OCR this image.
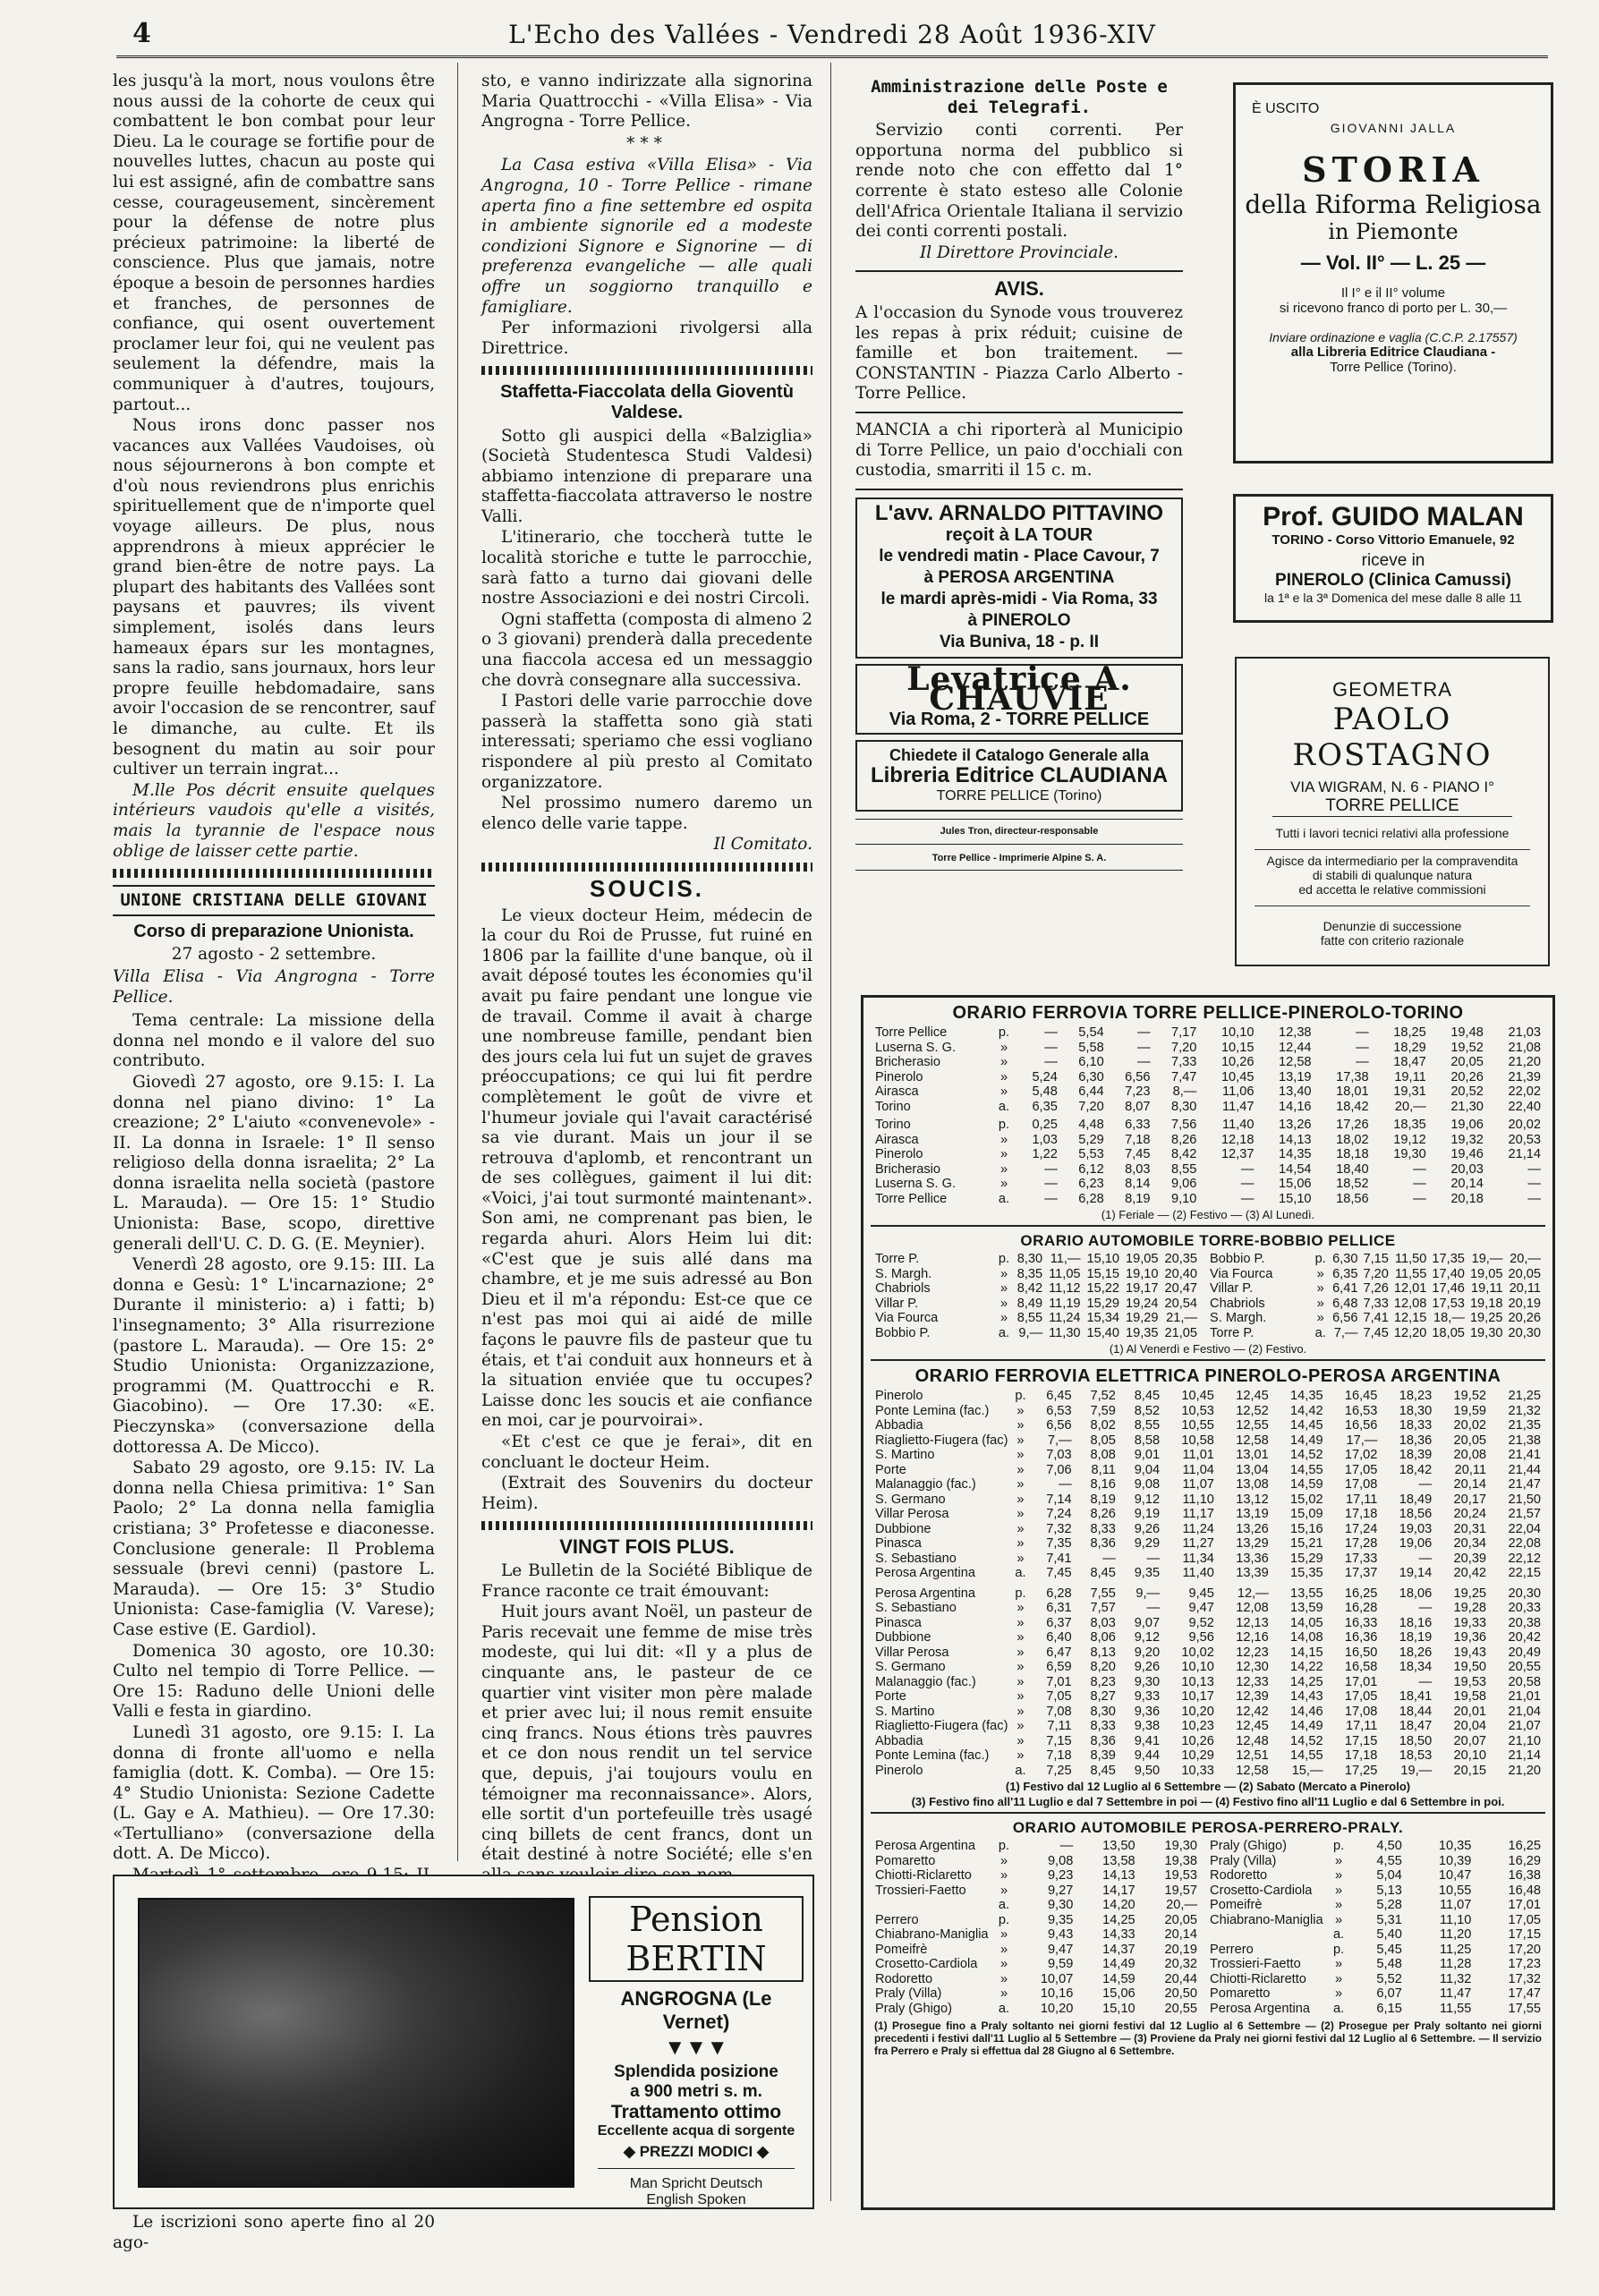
4	L'Echo des Vallées - Vendredi 28 Août 1936-XIV

les jusqu'à la mort, nous voulons être nous aussi de la cohorte de ceux qui combattent le bon combat pour leur Dieu. La le courage se fortifie pour de nouvelles luttes, chacun au poste qui lui est assigné, afin de combattre sans cesse, courageusement, sincèrement pour la défense de notre plus précieux patrimoine: la liberté de conscience. Plus que jamais, notre époque a besoin de personnes hardies et franches, de personnes de confiance, qui osent ouvertement proclamer leur foi, qui ne veulent pas seulement la défendre, mais la communiquer à d'autres, toujours, partout...

Nous irons donc passer nos vacances aux Vallées Vaudoises, où nous séjournerons à bon compte et d'où nous reviendrons plus enrichis spirituellement que de n'importe quel voyage ailleurs. De plus, nous apprendrons à mieux apprécier le grand bien-être de notre pays. La plupart des habitants des Vallées sont paysans et pauvres; ils vivent simplement, isolés dans leurs hameaux épars sur les montagnes, sans la radio, sans journaux, hors leur propre feuille hebdomadaire, sans avoir l'occasion de se rencontrer, sauf le dimanche, au culte. Et ils besognent du matin au soir pour cultiver un terrain ingrat...

M.lle Pos décrit ensuite quelques intérieurs vaudois qu'elle a visités, mais la tyrannie de l'espace nous oblige de laisser cette partie.

UNIONE CRISTIANA DELLE GIOVANI
Corso di preparazione Unionista.
27 agosto - 2 settembre.
Villa Elisa - Via Angrogna - Torre Pellice.

Tema centrale: La missione della donna nel mondo e il valore del suo contributo.

Giovedì 27 agosto, ore 9.15: I. La donna nel piano divino: 1° La creazione; 2° L'aiuto «convenevole» - II. La donna in Israele: 1° Il senso religioso della donna israelita; 2° La donna israelita nella società (pastore L. Marauda). — Ore 15: 1° Studio Unionista: Base, scopo, direttive generali dell'U. C. D. G. (E. Meynier).

Venerdì 28 agosto, ore 9.15: III. La donna e Gesù: 1° L'incarnazione; 2° Durante il ministerio: a) i fatti; b) l'insegnamento; 3° Alla risurrezione (pastore L. Marauda). — Ore 15: 2° Studio Unionista: Organizzazione, programmi (M. Quattrocchi e R. Giacobino). — Ore 17.30: «E. Pieczynska» (conversazione della dottoressa A. De Micco).

Sabato 29 agosto, ore 9.15: IV. La donna nella Chiesa primitiva: 1° San Paolo; 2° La donna nella famiglia cristiana; 3° Profetesse e diaconesse. Conclusione generale: Il Problema sessuale (brevi cenni) (pastore L. Marauda). — Ore 15: 3° Studio Unionista: Case-famiglia (V. Varese); Case estive (E. Gardiol).

Domenica 30 agosto, ore 10.30: Culto nel tempio di Torre Pellice. — Ore 15: Raduno delle Unioni delle Valli e festa in giardino.

Lunedì 31 agosto, ore 9.15: I. La donna di fronte all'uomo e nella famiglia (dott. K. Comba). — Ore 15: 4° Studio Unionista: Sezione Cadette (L. Gay e A. Mathieu). — Ore 17.30: «Tertulliano» (conversazione della dott. A. De Micco).

Le iscrizioni sono aperte fino al 20 ago-

sto, e vanno indirizzate alla signorina Maria Quattrocchi - «Villa Elisa» - Via Angrogna - Torre Pellice.

***

La Casa estiva «Villa Elisa» - Via Angrogna, 10 - Torre Pellice - rimane aperta fino a fine settembre ed ospita in ambiente signorile ed a modeste condizioni Signore e Signorine — di preferenza evangeliche — alle quali offre un soggiorno tranquillo e famigliare.

Per informazioni rivolgersi alla Direttrice.

Staffetta-Fiaccolata della Gioventù Valdese.

Sotto gli auspici della «Balziglia» (Società Studentesca Studi Valdesi) abbiamo intenzione di preparare una staffetta-fiaccolata attraverso le nostre Valli.

L'itinerario, che toccherà tutte le località storiche e tutte le parrocchie, sarà fatto a turno dai giovani delle nostre Associazioni e dei nostri Circoli.

Ogni staffetta (composta di almeno 2 o 3 giovani) prenderà dalla precedente una fiaccola accesa ed un messaggio che dovrà consegnare alla successiva.

I Pastori delle varie parrocchie dove passerà la staffetta sono già stati interessati; speriamo che essi vogliano rispondere al più presto al Comitato organizzatore.

Nel prossimo numero daremo un elenco delle varie tappe.

Il Comitato.
SOUCIS.

Le vieux docteur Heim, médecin de la cour du Roi de Prusse, fut ruiné en 1806 par la faillite d'une banque, où il avait déposé toutes les économies qu'il avait pu faire pendant une longue vie de travail. Comme il avait à charge une nombreuse famille, pendant bien des jours cela lui fut un sujet de graves préoccupations; ce qui lui fit perdre complètement le goût de vivre et l'humeur joviale qui l'avait caractérisé sa vie durant. Mais un jour il se retrouva d'aplomb, et rencontrant un de ses collègues, gaiment il lui dit: «Voici, j'ai tout surmonté maintenant». Son ami, ne comprenant pas bien, le regarda ahuri. Alors Heim lui dit: «C'est que je suis allé dans ma chambre, et je me suis adressé au Bon Dieu et il m'a répondu: Est-ce que ce n'est pas moi qui ai aidé de mille façons le pauvre fils de pasteur que tu étais, et t'ai conduit aux honneurs et à la situation enviée que tu occupes? Laisse donc les soucis et aie confiance en moi, car je pourvoirai».

«Et c'est ce que je ferai», dit en concluant le docteur Heim.

(Extrait des Souvenirs du docteur Heim).

VINGT FOIS PLUS.

Le Bulletin de la Société Biblique de France raconte ce trait émouvant:

Huit jours avant Noël, un pasteur de Paris recevait une femme de mise très modeste, qui lui dit: «Il y a plus de cinquante ans, le pasteur de ce quartier vint visiter mon père malade et prier avec lui; il nous remit ensuite cinq francs. Nous étions très pauvres et ce don nous rendit un tel service que, depuis, j'ai toujours voulu en témoigner ma reconnaissance». Alors, elle sortit d'un portefeuille très usagé cinq billets de cent francs, dont un était destiné à notre Société; elle s'en

Amministrazione delle Poste e dei Telegrafi.

Servizio conti correnti. Per opportuna norma del pubblico si rende noto che con effetto dal 1° corrente è stato esteso alle Colonie dell'Africa Orientale Italiana il servizio dei conti correnti postali.

Il Direttore Provinciale.
AVIS.

A l'occasion du Synode vous trouverez les repas à prix réduit; cuisine de famille et bon traitement. — CONSTANTIN - Piazza Carlo Alberto - Torre Pellice.

MANCIA a chi riporterà al Municipio di Torre Pellice, un paio d'occhiali con custodia, smarriti il 15 c. m.

L'avv. ARNALDO PITTAVINO
reçoit à LA TOUR
le vendredi matin - Place Cavour, 7
à PEROSA ARGENTINA
le mardi après-midi - Via Roma, 33
à PINEROLO
Via Buniva, 18 - p. II
Levatrice A. CHAUVIE
Via Roma, 2 - TORRE PELLICE
Chiedete il Catalogo Generale alla
Libreria Editrice CLAUDIANA
TORRE PELLICE (Torino)
Jules Tron, directeur-responsable
Torre Pellice - Imprimerie Alpine S. A.
È USCITO
GIOVANNI JALLA
STORIA
della Riforma Religiosa
in Piemonte
— Vol. II° — L. 25 —
Il I° e il II° volume
si ricevono franco di porto per L. 30,—
Inviare ordinazione e vaglia (C.C.P. 2.17557)
alla Libreria Editrice Claudiana -
Torre Pellice (Torino).
Prof. GUIDO MALAN
TORINO - Corso Vittorio Emanuele, 92
riceve in
PINEROLO (Clinica Camussi)
la 1ª e la 3ª Domenica del mese dalle 8 alle 11
GEOMETRA
PAOLO ROSTAGNO
VIA WIGRAM, N. 6 - PIANO I°
TORRE PELLICE
Tutti i lavori tecnici relativi alla professione
Agisce da intermediario per la compravendita
di stabili di qualunque natura
ed accetta le relative commissioni
Denunzie di successione
fatte con criterio razionale
ORARIO FERROVIA TORRE PELLICE-PINEROLO-TORINO
Torre Pellice	p.	—	5,54	—	7,17	10,10	12,38	—	18,25	19,48	21,03
Luserna S. G.	»	—	5,58	—	7,20	10,15	12,44	—	18,29	19,52	21,08
Bricherasio	»	—	6,10	—	7,33	10,26	12,58	—	18,47	20,05	21,20
Pinerolo	»	5,24	6,30	6,56	7,47	10,45	13,19	17,38	19,11	20,26	21,39
Airasca	»	5,48	6,44	7,23	8,—	11,06	13,40	18,01	19,31	20,52	22,02
Torino	a.	6,35	7,20	8,07	8,30	11,47	14,16	18,42	20,—	21,30	22,40
Torino	p.	0,25	4,48	6,33	7,56	11,40	13,26	17,26	18,35	19,06	20,02
Airasca	»	1,03	5,29	7,18	8,26	12,18	14,13	18,02	19,12	19,32	20,53
Pinerolo	»	1,22	5,53	7,45	8,42	12,37	14,35	18,18	19,30	19,46	21,14
Bricherasio	»	—	6,12	8,03	8,55	—	14,54	18,40	—	20,03	—
Luserna S. G.	»	—	6,23	8,14	9,06	—	15,06	18,52	—	20,14	—
Torre Pellice	a.	—	6,28	8,19	9,10	—	15,10	18,56	—	20,18	—
(1) Feriale — (2) Festivo — (3) Al Lunedì.
ORARIO AUTOMOBILE TORRE-BOBBIO PELLICE
Torre P.	p.	8,30	11,—	15,10	19,05	20,35
S. Margh.	»	8,35	11,05	15,15	19,10	20,40
Chabriols	»	8,42	11,12	15,22	19,17	20,47
Villar P.	»	8,49	11,19	15,29	19,24	20,54
Via Fourca	»	8,55	11,24	15,34	19,29	21,—
Bobbio P.	a.	9,—	11,30	15,40	19,35	21,05
Bobbio P.	p.	6,30	7,15	11,50	17,35	19,—	20,—
Via Fourca	»	6,35	7,20	11,55	17,40	19,05	20,05
Villar P.	»	6,41	7,26	12,01	17,46	19,11	20,11
Chabriols	»	6,48	7,33	12,08	17,53	19,18	20,19
S. Margh.	»	6,56	7,41	12,15	18,—	19,25	20,26
Torre P.	a.	7,—	7,45	12,20	18,05	19,30	20,30
(1) Al Venerdì e Festivo — (2) Festivo.
ORARIO FERROVIA ELETTRICA PINEROLO-PEROSA ARGENTINA
Pinerolo	p.	6,45	7,52	8,45	10,45	12,45	14,35	16,45	18,23	19,52	21,25
Ponte Lemina (fac.)	»	6,53	7,59	8,52	10,53	12,52	14,42	16,53	18,30	19,59	21,32
Abbadia	»	6,56	8,02	8,55	10,55	12,55	14,45	16,56	18,33	20,02	21,35
Riaglietto-Fiugera (fac)	»	7,—	8,05	8,58	10,58	12,58	14,49	17,—	18,36	20,05	21,38
S. Martino	»	7,03	8,08	9,01	11,01	13,01	14,52	17,02	18,39	20,08	21,41
Porte	»	7,06	8,11	9,04	11,04	13,04	14,55	17,05	18,42	20,11	21,44
Malanaggio (fac.)	»	—	8,16	9,08	11,07	13,08	14,59	17,08	—	20,14	21,47
S. Germano	»	7,14	8,19	9,12	11,10	13,12	15,02	17,11	18,49	20,17	21,50
Villar Perosa	»	7,24	8,26	9,19	11,17	13,19	15,09	17,18	18,56	20,24	21,57
Dubbione	»	7,32	8,33	9,26	11,24	13,26	15,16	17,24	19,03	20,31	22,04
Pinasca	»	7,35	8,36	9,29	11,27	13,29	15,21	17,28	19,06	20,34	22,08
S. Sebastiano	»	7,41	—	—	11,34	13,36	15,29	17,33	—	20,39	22,12
Perosa Argentina	a.	7,45	8,45	9,35	11,40	13,39	15,35	17,37	19,14	20,42	22,15
Perosa Argentina	p.	6,28	7,55	9,—	9,45	12,—	13,55	16,25	18,06	19,25	20,30
S. Sebastiano	»	6,31	7,57	—	9,47	12,08	13,59	16,28	—	19,28	20,33
Pinasca	»	6,37	8,03	9,07	9,52	12,13	14,05	16,33	18,16	19,33	20,38
Dubbione	»	6,40	8,06	9,12	9,56	12,16	14,08	16,36	18,19	19,36	20,42
Villar Perosa	»	6,47	8,13	9,20	10,02	12,23	14,15	16,50	18,26	19,43	20,49
S. Germano	»	6,59	8,20	9,26	10,10	12,30	14,22	16,58	18,34	19,50	20,55
Malanaggio (fac.)	»	7,01	8,23	9,30	10,13	12,33	14,25	17,01	—	19,53	20,58
Porte	»	7,05	8,27	9,33	10,17	12,39	14,43	17,05	18,41	19,58	21,01
S. Martino	»	7,08	8,30	9,36	10,20	12,42	14,46	17,08	18,44	20,01	21,04
Riaglietto-Fiugera (fac)	»	7,11	8,33	9,38	10,23	12,45	14,49	17,11	18,47	20,04	21,07
Abbadia	»	7,15	8,36	9,41	10,26	12,48	14,52	17,15	18,50	20,07	21,10
Ponte Lemina (fac.)	»	7,18	8,39	9,44	10,29	12,51	14,55	17,18	18,53	20,10	21,14
Pinerolo	a.	7,25	8,45	9,50	10,33	12,58	15,—	17,25	19,—	20,15	21,20
(1) Festivo dal 12 Luglio al 6 Settembre — (2) Sabato (Mercato a Pinerolo)
(3) Festivo fino all'11 Luglio e dal 7 Settembre in poi — (4) Festivo fino all'11 Luglio e dal 6 Settembre in poi.
ORARIO AUTOMOBILE PEROSA-PERRERO-PRALY.
Perosa Argentina	p.	—	13,50	19,30
Pomaretto	»	9,08	13,58	19,38
Chiotti-Riclaretto	»	9,23	14,13	19,53
Trossieri-Faetto	»	9,27	14,17	19,57
	a.	9,30	14,20	20,—
Perrero	p.	9,35	14,25	20,05
Chiabrano-Maniglia	»	9,43	14,33	20,14
Pomeifrè	»	9,47	14,37	20,19
Crosetto-Cardiola	»	9,59	14,49	20,32
Rodoretto	»	10,07	14,59	20,44
Praly (Villa)	»	10,16	15,06	20,50
Praly (Ghigo)	a.	10,20	15,10	20,55
Praly (Ghigo)	p.	4,50	10,35	16,25
Praly (Villa)	»	4,55	10,39	16,29
Rodoretto	»	5,04	10,47	16,38
Crosetto-Cardiola	»	5,13	10,55	16,48
Pomeifrè	»	5,28	11,07	17,01
Chiabrano-Maniglia	»	5,31	11,10	17,05
	a.	5,40	11,20	17,15
Perrero	p.	5,45	11,25	17,20
Trossieri-Faetto	»	5,48	11,28	17,23
Chiotti-Riclaretto	»	5,52	11,32	17,32
Pomaretto	»	6,07	11,47	17,47
Perosa Argentina	a.	6,15	11,55	17,55
(1) Prosegue fino a Praly soltanto nei giorni festivi dal 12 Luglio al 6 Settembre — (2) Prosegue per Praly soltanto nei giorni precedenti i festivi dall'11 Luglio al 5 Settembre — (3) Proviene da Praly nei giorni festivi dal 12 Luglio al 6 Settembre. — Il servizio fra Perrero e Praly si effettua dal 28 Giugno al 6 Settembre.
Pension BERTIN
ANGROGNA (Le Vernet)
▼▼▼
Splendida posizione
a 900 metri s. m.
Trattamento ottimo
Eccellente acqua di sorgente
◆ PREZZI MODICI ◆
Man Spricht Deutsch
English Spoken
